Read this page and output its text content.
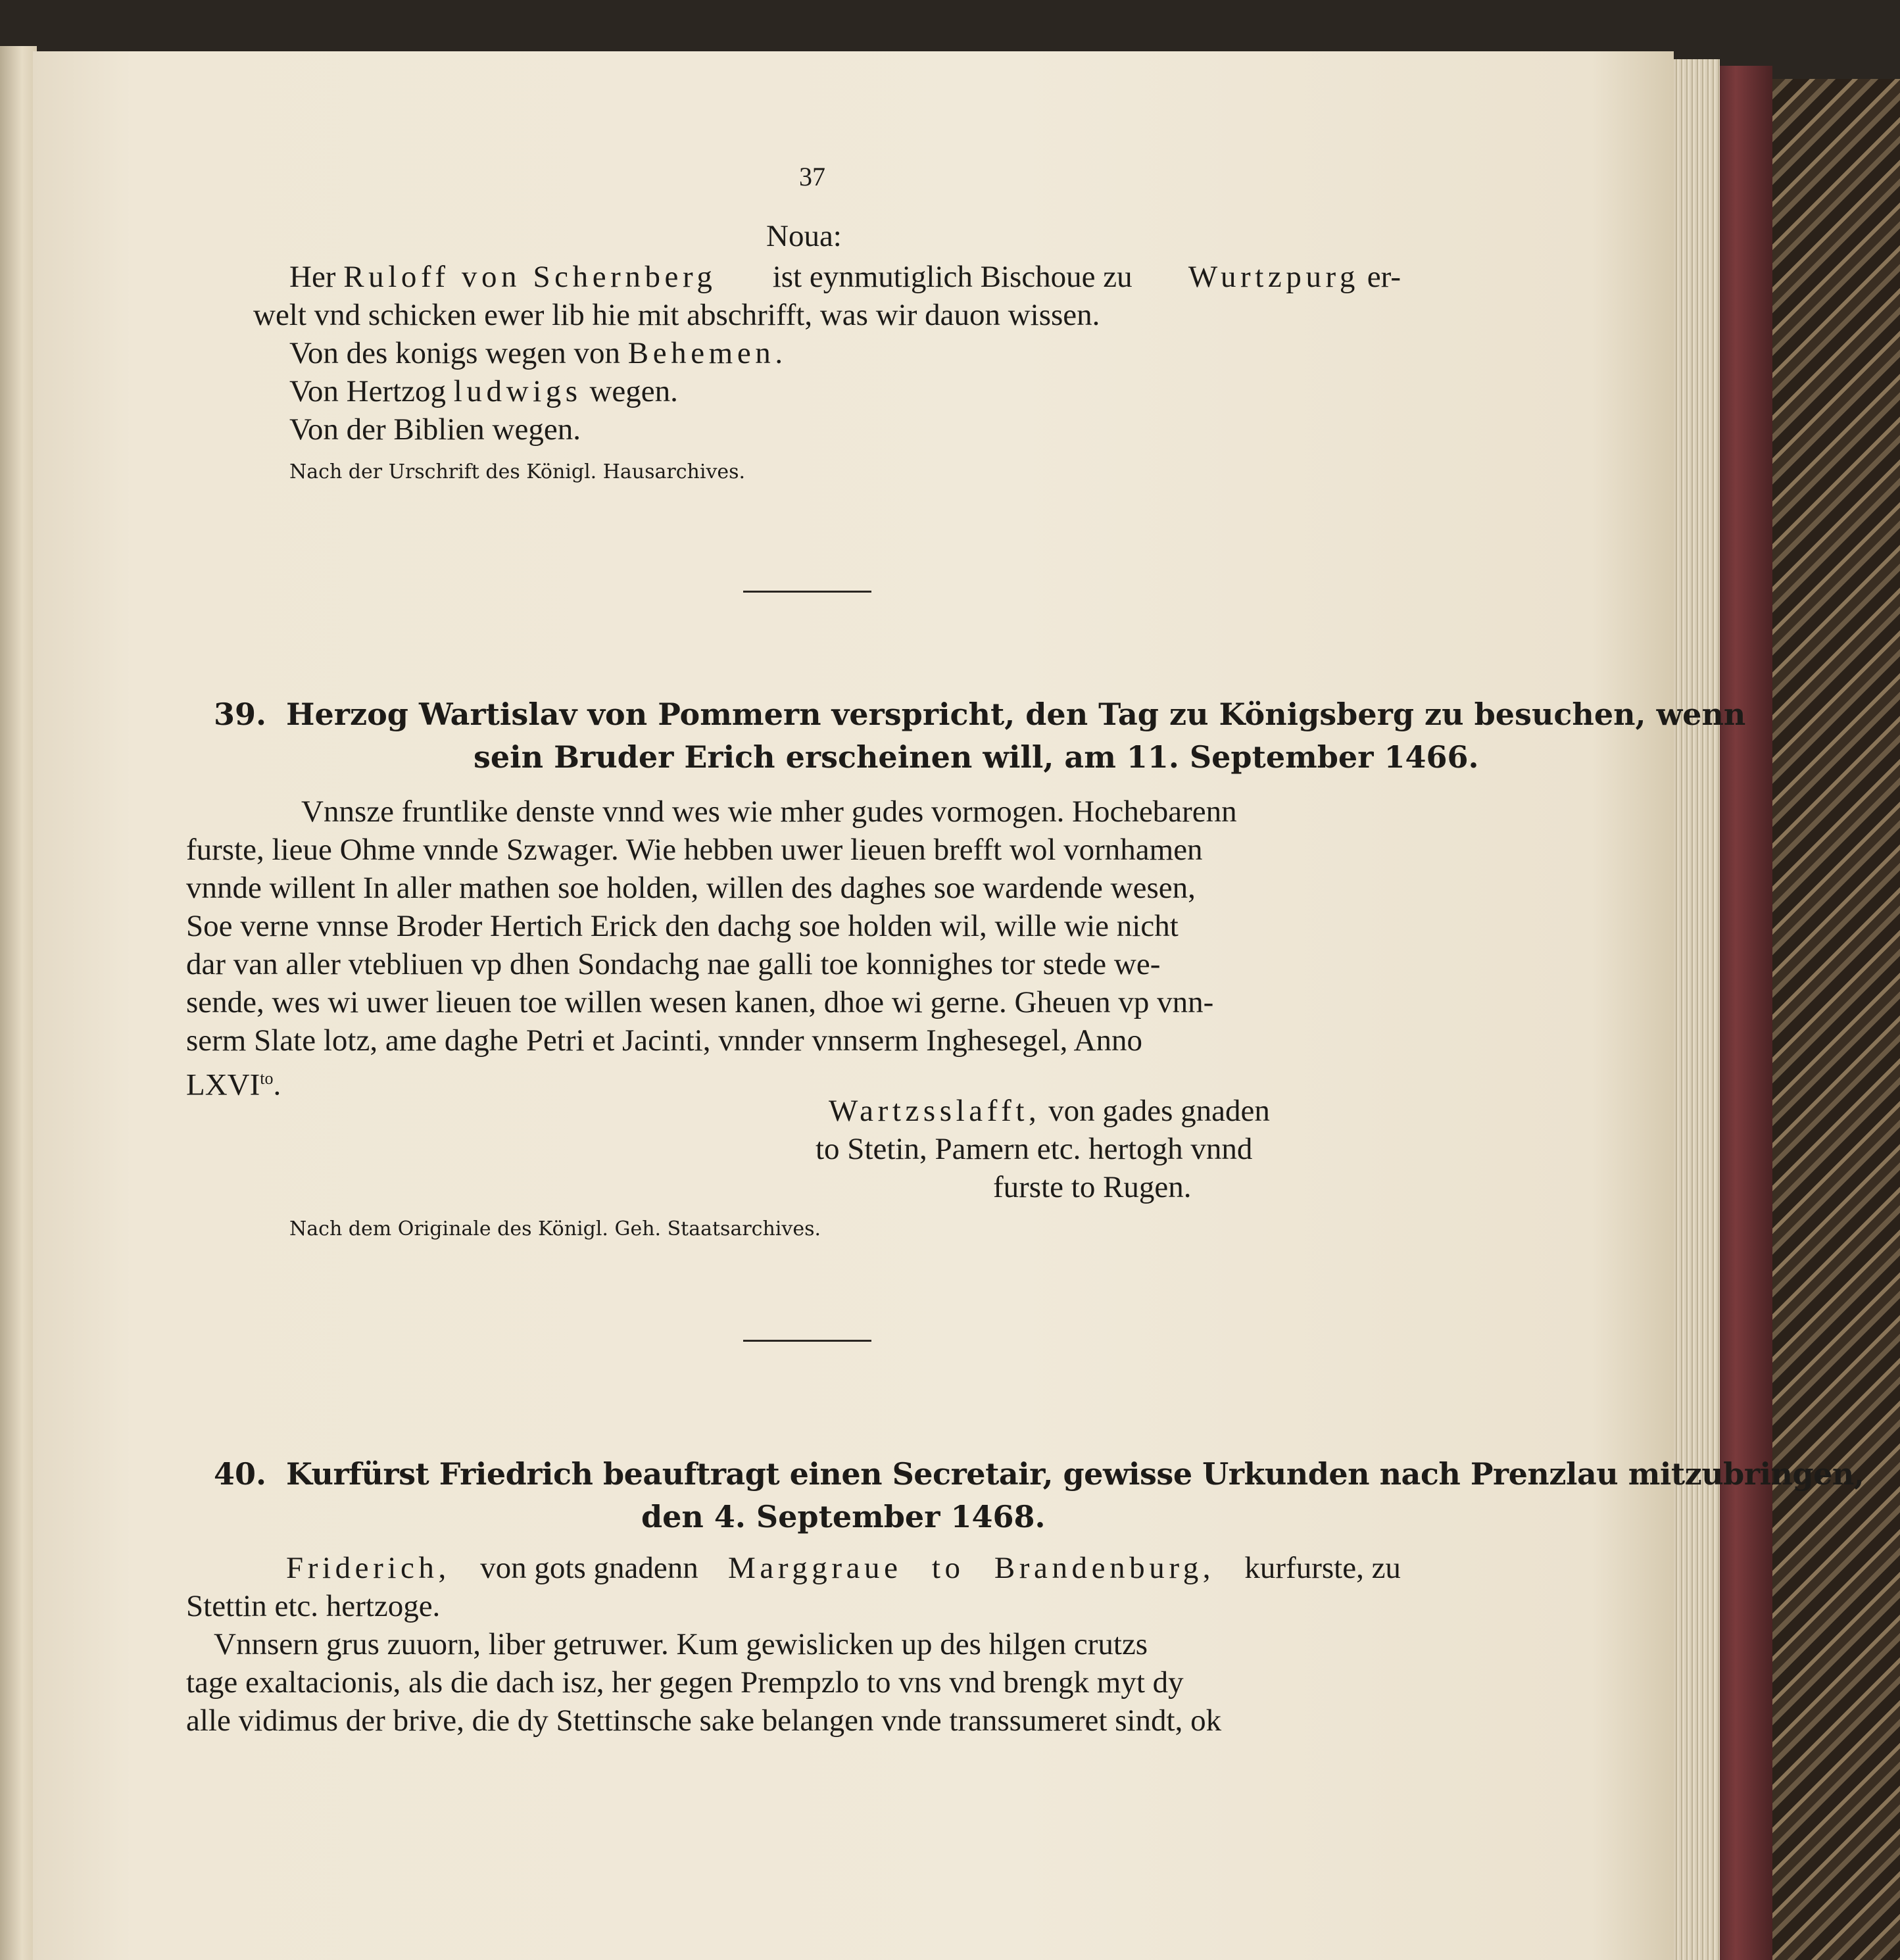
37
Noua:
Her Ruloff von Schernberg ist eynmutiglich Bischoue zu Wurtzpurg er-
welt vnd schicken ewer lib hie mit abschrifft, was wir dauon wissen.
Von des konigs wegen von Behemen.
Von Hertzog ludwigs wegen.
Von der Biblien wegen.
Nach der Urschrift des Königl. Hausarchives.
39. Herzog Wartislav von Pommern verspricht, den Tag zu Königsberg zu besuchen, wenn
sein Bruder Erich erscheinen will, am 11. September 1466.
Vnnsze fruntlike denste vnnd wes wie mher gudes vormogen. Hochebarenn
furste, lieue Ohme vnnde Szwager. Wie hebben uwer lieuen brefft wol vornhamen
vnnde willent In aller mathen soe holden, willen des daghes soe wardende wesen,
Soe verne vnnse Broder Hertich Erick den dachg soe holden wil, wille wie nicht
dar van aller vtebliuen vp dhen Sondachg nae galli toe konnighes tor stede we-
sende, wes wi uwer lieuen toe willen wesen kanen, dhoe wi gerne. Gheuen vp vnn-
serm Slate lotz, ame daghe Petri et Jacinti, vnnder vnnserm Inghesegel, Anno
$LXVI^{to}$.
Wartzsslafft, von gades gnaden
to Stetin, Pamern etc. hertogh vnnd
furste to Rugen.
Nach dem Originale des Königl. Geh. Staatsarchives.
40. Kurfürst Friedrich beauftragt einen Secretair, gewisse Urkunden nach Prenzlau mitzubringen,
den 4. September 1468.
Friderich, von gots gnadenn Marggraue to Brandenburg, kurfurste, zu
Stettin etc. hertzoge.
Vnnsern grus zuuorn, liber getruwer. Kum gewislicken up des hilgen crutzs
tage exaltacionis, als die dach isz, her gegen Prempzlo to vns vnd brengk myt dy
alle vidimus der brive, die dy Stettinsche sake belangen vnde transsumeret sindt, ok
